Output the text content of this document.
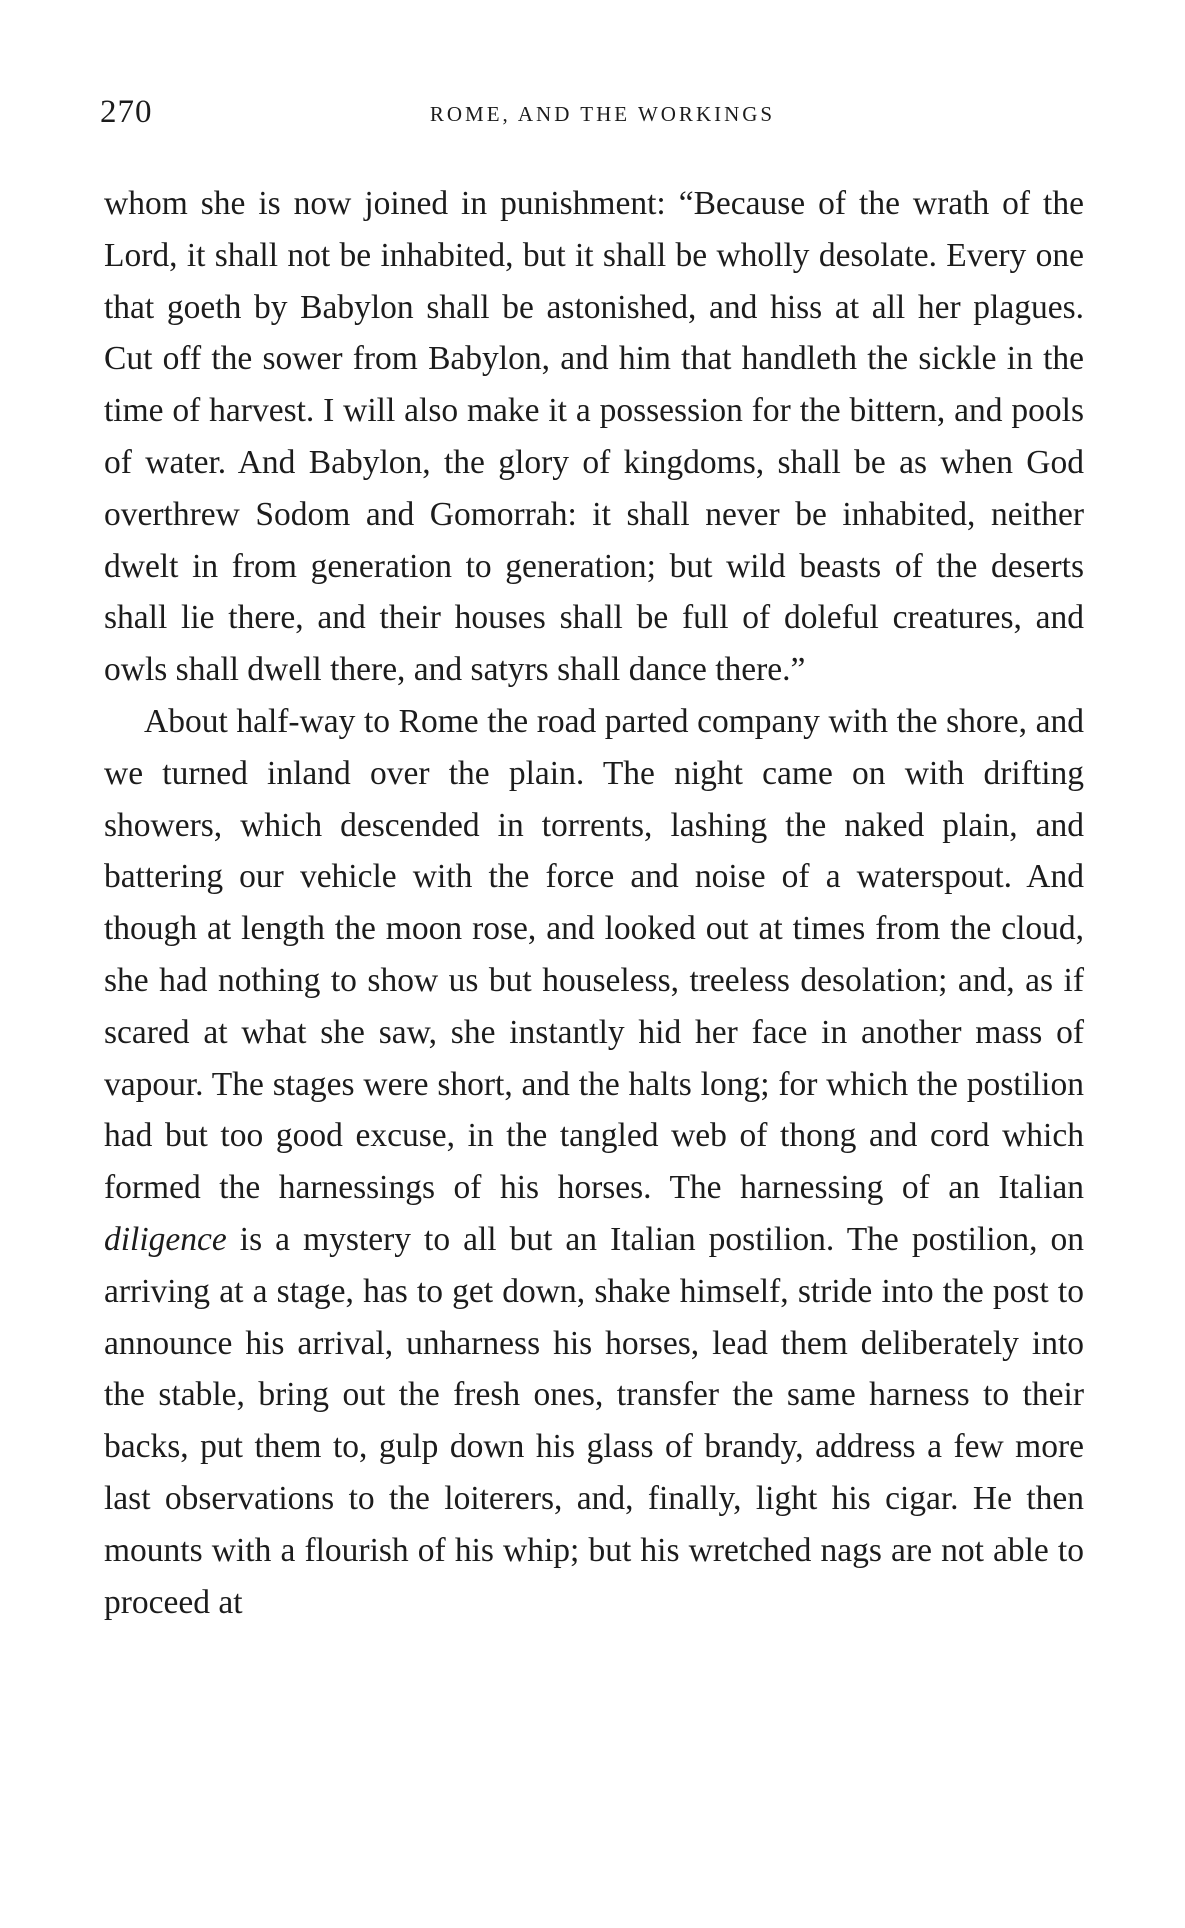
270	ROME, AND THE WORKINGS

whom she is now joined in punishment: “Because of the wrath of the Lord, it shall not be inhabited, but it shall be wholly desolate. Every one that goeth by Babylon shall be astonished, and hiss at all her plagues. Cut off the sower from Babylon, and him that handleth the sickle in the time of harvest. I will also make it a possession for the bittern, and pools of water. And Babylon, the glory of kingdoms, shall be as when God overthrew Sodom and Gomorrah: it shall never be inhabited, neither dwelt in from generation to generation; but wild beasts of the deserts shall lie there, and their houses shall be full of doleful creatures, and owls shall dwell there, and satyrs shall dance there.”

About half-way to Rome the road parted company with the shore, and we turned inland over the plain. The night came on with drifting showers, which descended in torrents, lashing the naked plain, and battering our vehicle with the force and noise of a waterspout. And though at length the moon rose, and looked out at times from the cloud, she had nothing to show us but houseless, treeless desolation; and, as if scared at what she saw, she instantly hid her face in another mass of vapour. The stages were short, and the halts long; for which the postilion had but too good excuse, in the tangled web of thong and cord which formed the harnessings of his horses. The harnessing of an Italian diligence is a mystery to all but an Italian postilion. The postilion, on arriving at a stage, has to get down, shake himself, stride into the post to announce his arrival, unharness his horses, lead them deliberately into the stable, bring out the fresh ones, transfer the same harness to their backs, put them to, gulp down his glass of brandy, address a few more last observations to the loiterers, and, finally, light his cigar. He then mounts with a flourish of his whip; but his wretched nags are not able to proceed at
